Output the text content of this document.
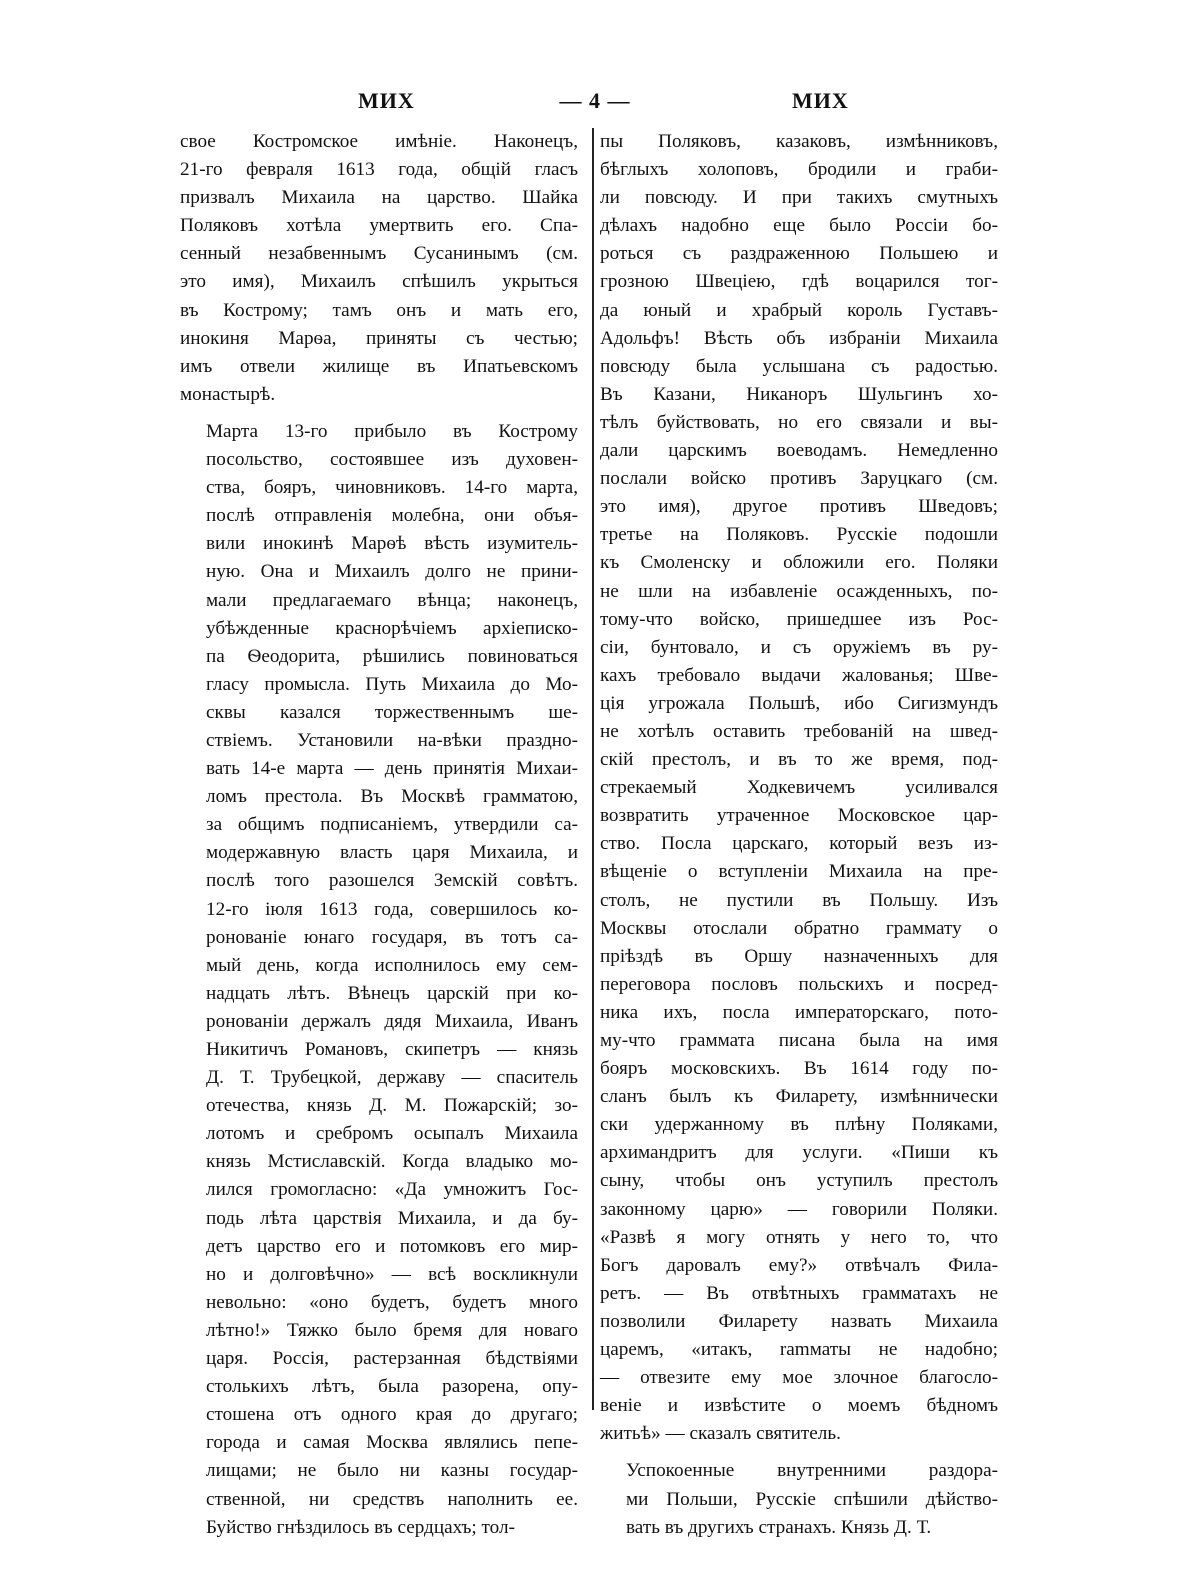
МИХ	— 4 —	МИХ

свое Костромское имѣніе. Наконецъ,
21-го февраля 1613 года, общій гласъ
призвалъ Михаила на царство. Шайка
Поляковъ хотѣла умертвить его. Спа-
сенный незабвеннымъ Сусанинымъ (см.
это имя), Михаилъ спѣшилъ укрыться
въ Кострому; тамъ онъ и мать его,
инокиня Марѳа, приняты съ честью;
имъ отвели жилище въ Ипатьевскомъ
монастырѣ.

Марта 13-го прибыло въ Кострому
посольство, состоявшее изъ духовен-
ства, бояръ, чиновниковъ. 14-го марта,
послѣ отправленія молебна, они объя-
вили инокинѣ Марѳѣ вѣсть изумитель-
ную. Она и Михаилъ долго не прини-
мали предлагаемаго вѣнца; наконецъ,
убѣжденные краснорѣчіемъ архіеписко-
па Ѳеодорита, рѣшились повиноваться
гласу промысла. Путь Михаила до Мо-
сквы казался торжественнымъ ше-
ствіемъ. Установили на-вѣки праздно-
вать 14-е марта — день принятія Михаи-
ломъ престола. Въ Москвѣ грамматою,
за общимъ подписаніемъ, утвердили са-
модержавную власть царя Михаила, и
послѣ того разошелся Земскій совѣтъ.
12-го іюля 1613 года, совершилось ко-
ронованіе юнаго государя, въ тотъ са-
мый день, когда исполнилось ему сем-
надцать лѣтъ. Вѣнецъ царскій при ко-
ронованіи держалъ дядя Михаила, Иванъ
Никитичъ Романовъ, скипетръ — князь
Д. Т. Трубецкой, державу — спаситель
отечества, князь Д. М. Пожарскій; зо-
лотомъ и сребромъ осыпалъ Михаила
князь Мстиславскій. Когда владыко мо-
лился громогласно: «Да умножитъ Гос-
подь лѣта царствія Михаила, и да бу-
детъ царство его и потомковъ его мир-
но и долговѣчно» — всѣ воскликнули
невольно: «оно будетъ, будетъ много
лѣтно!» Тяжко было бремя для новаго
царя. Россія, растерзанная бѣдствіями
столькихъ лѣтъ, была разорена, опу-
стошена отъ одного края до другаго;
города и самая Москва являлись пепе-
лищами; не было ни казны государ-
ственной, ни средствъ наполнить ее.
Буйство гнѣздилось въ сердцахъ; тол-

пы Поляковъ, казаковъ, измѣнниковъ,
бѣглыхъ холоповъ, бродили и граби-
ли повсюду. И при такихъ смутныхъ
дѣлахъ надобно еще было Россіи бо-
роться съ раздраженною Польшею и
грозною Швеціею, гдѣ воцарился тог-
да юный и храбрый король Густавъ-
Адольфъ! Вѣсть объ избраніи Михаила
повсюду была услышана съ радостью.
Въ Казани, Никаноръ Шульгинъ хо-
тѣлъ буйствовать, но его связали и вы-
дали царскимъ воеводамъ. Немедленно
послали войско противъ Заруцкаго (см.
это имя), другое противъ Шведовъ;
третье на Поляковъ. Русскіе подошли
къ Смоленску и обложили его. Поляки
не шли на избавленіе осажденныхъ, по-
тому-что войско, пришедшее изъ Рос-
сіи, бунтовало, и съ оружіемъ въ ру-
кахъ требовало выдачи жалованья; Шве-
ція угрожала Польшѣ, ибо Сигизмундъ
не хотѣлъ оставить требованій на швед-
скій престолъ, и въ то же время, под-
стрекаемый Ходкевичемъ усиливался
возвратить утраченное Московское цар-
ство. Посла царскаго, который везъ из-
вѣщеніе о вступленіи Михаила на пре-
столъ, не пустили въ Польшу. Изъ
Москвы отослали обратно граммату о
пріѣздѣ въ Оршу назначенныхъ для
переговора пословъ польскихъ и посред-
ника ихъ, посла императорскаго, пото-
му-что граммата писана была на имя
бояръ московскихъ. Въ 1614 году по-
сланъ былъ къ Филарету, измѣннически
ски удержанному въ плѣну Поляками,
архимандритъ для услуги. «Пиши къ
сыну, чтобы онъ уступилъ престолъ
законному царю» — говорили Поляки.
«Развѣ я могу отнять у него то, что
Богъ даровалъ ему?» отвѣчалъ Фила-
ретъ. — Въ отвѣтныхъ грамматахъ не
позволили Филарету назвать Михаила
царемъ, «итакъ, ramматы не надобно;
— отвезите ему мое злочное благосло-
веніе и извѣстите о моемъ бѣдномъ
житьѣ» — сказалъ святитель.

Успокоенные внутренними раздора-
ми Польши, Русскіе спѣшили дѣйство-
вать въ другихъ странахъ. Князь Д. Т.
